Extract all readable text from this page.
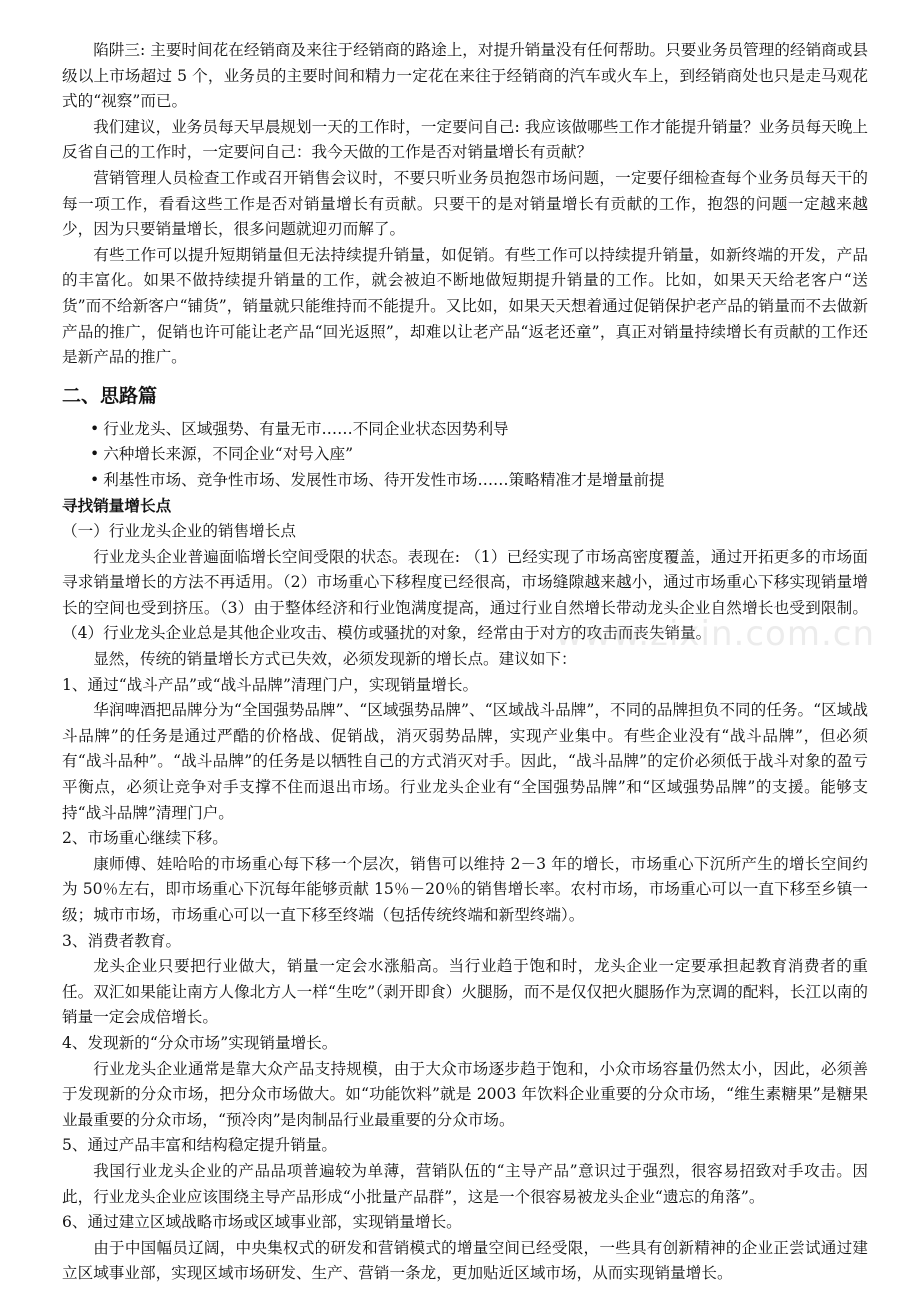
陷阱三: 主要时间花在经销商及来往于经销商的路途上，对提升销量没有任何帮助。只要业务员管理的经销商或县级以上市场超过 5 个，业务员的主要时间和精力一定花在来往于经销商的汽车或火车上，到经销商处也只是走马观花式的“视察”而已。

我们建议，业务员每天早晨规划一天的工作时，一定要问自己: 我应该做哪些工作才能提升销量？业务员每天晚上反省自己的工作时，一定要问自己：我今天做的工作是否对销量增长有贡献？

营销管理人员检查工作或召开销售会议时，不要只听业务员抱怨市场问题，一定要仔细检查每个业务员每天干的每一项工作，看看这些工作是否对销量增长有贡献。只要干的是对销量增长有贡献的工作，抱怨的问题一定越来越少，因为只要销量增长，很多问题就迎刃而解了。

有些工作可以提升短期销量但无法持续提升销量，如促销。有些工作可以持续提升销量，如新终端的开发，产品的丰富化。如果不做持续提升销量的工作，就会被迫不断地做短期提升销量的工作。比如，如果天天给老客户“送货”而不给新客户“铺货”，销量就只能维持而不能提升。又比如，如果天天想着通过促销保护老产品的销量而不去做新产品的推广，促销也许可能让老产品“回光返照”，却难以让老产品“返老还童”，真正对销量持续增长有贡献的工作还是新产品的推广。

二、思路篇
• 行业龙头、区域强势、有量无市……不同企业状态因势利导
• 六种增长来源，不同企业“对号入座”
• 利基性市场、竞争性市场、发展性市场、待开发性市场……策略精准才是增量前提

寻找销量增长点

（一）行业龙头企业的销售增长点

行业龙头企业普遍面临增长空间受限的状态。表现在: （1）已经实现了市场高密度覆盖，通过开拓更多的市场面寻求销量增长的方法不再适用。（2）市场重心下移程度已经很高，市场缝隙越来越小，通过市场重心下移实现销量增长的空间也受到挤压。（3）由于整体经济和行业饱满度提高，通过行业自然增长带动龙头企业自然增长也受到限制。（4）行业龙头企业总是其他企业攻击、模仿或骚扰的对象，经常由于对方的攻击而丧失销量。

显然，传统的销量增长方式已失效，必须发现新的增长点。建议如下：

1、通过“战斗产品”或“战斗品牌”清理门户，实现销量增长。

华润啤酒把品牌分为“全国强势品牌”、“区域强势品牌”、“区域战斗品牌”，不同的品牌担负不同的任务。“区域战斗品牌”的任务是通过严酷的价格战、促销战，消灭弱势品牌，实现产业集中。有些企业没有“战斗品牌”，但必须有“战斗品种”。“战斗品牌”的任务是以牺牲自己的方式消灭对手。因此，“战斗品牌”的定价必须低于战斗对象的盈亏平衡点，必须让竞争对手支撑不住而退出市场。行业龙头企业有“全国强势品牌”和“区域强势品牌”的支援。能够支持“战斗品牌”清理门户。

2、市场重心继续下移。

康师傅、娃哈哈的市场重心每下移一个层次，销售可以维持 2－3 年的增长，市场重心下沉所产生的增长空间约为 50％左右，即市场重心下沉每年能够贡献 15％－20％的销售增长率。农村市场，市场重心可以一直下移至乡镇一级；城市市场，市场重心可以一直下移至终端（包括传统终端和新型终端）。

3、消费者教育。

龙头企业只要把行业做大，销量一定会水涨船高。当行业趋于饱和时，龙头企业一定要承担起教育消费者的重任。双汇如果能让南方人像北方人一样“生吃”（剥开即食）火腿肠，而不是仅仅把火腿肠作为烹调的配料，长江以南的销量一定会成倍增长。

4、发现新的“分众市场”实现销量增长。

行业龙头企业通常是靠大众产品支持规模，由于大众市场逐步趋于饱和，小众市场容量仍然太小，因此，必须善于发现新的分众市场，把分众市场做大。如“功能饮料”就是 2003 年饮料企业重要的分众市场，“维生素糖果”是糖果业最重要的分众市场，“预冷肉”是肉制品行业最重要的分众市场。

5、通过产品丰富和结构稳定提升销量。

我国行业龙头企业的产品品项普遍较为单薄，营销队伍的“主导产品”意识过于强烈，很容易招致对手攻击。因此，行业龙头企业应该围绕主导产品形成“小批量产品群”，这是一个很容易被龙头企业“遗忘的角落”。

6、通过建立区域战略市场或区域事业部，实现销量增长。

由于中国幅员辽阔，中央集权式的研发和营销模式的增量空间已经受限，一些具有创新精神的企业正尝试通过建立区域事业部，实现区域市场研发、生产、营销一条龙，更加贴近区域市场，从而实现销量增长。

www.zixin.com.cn
